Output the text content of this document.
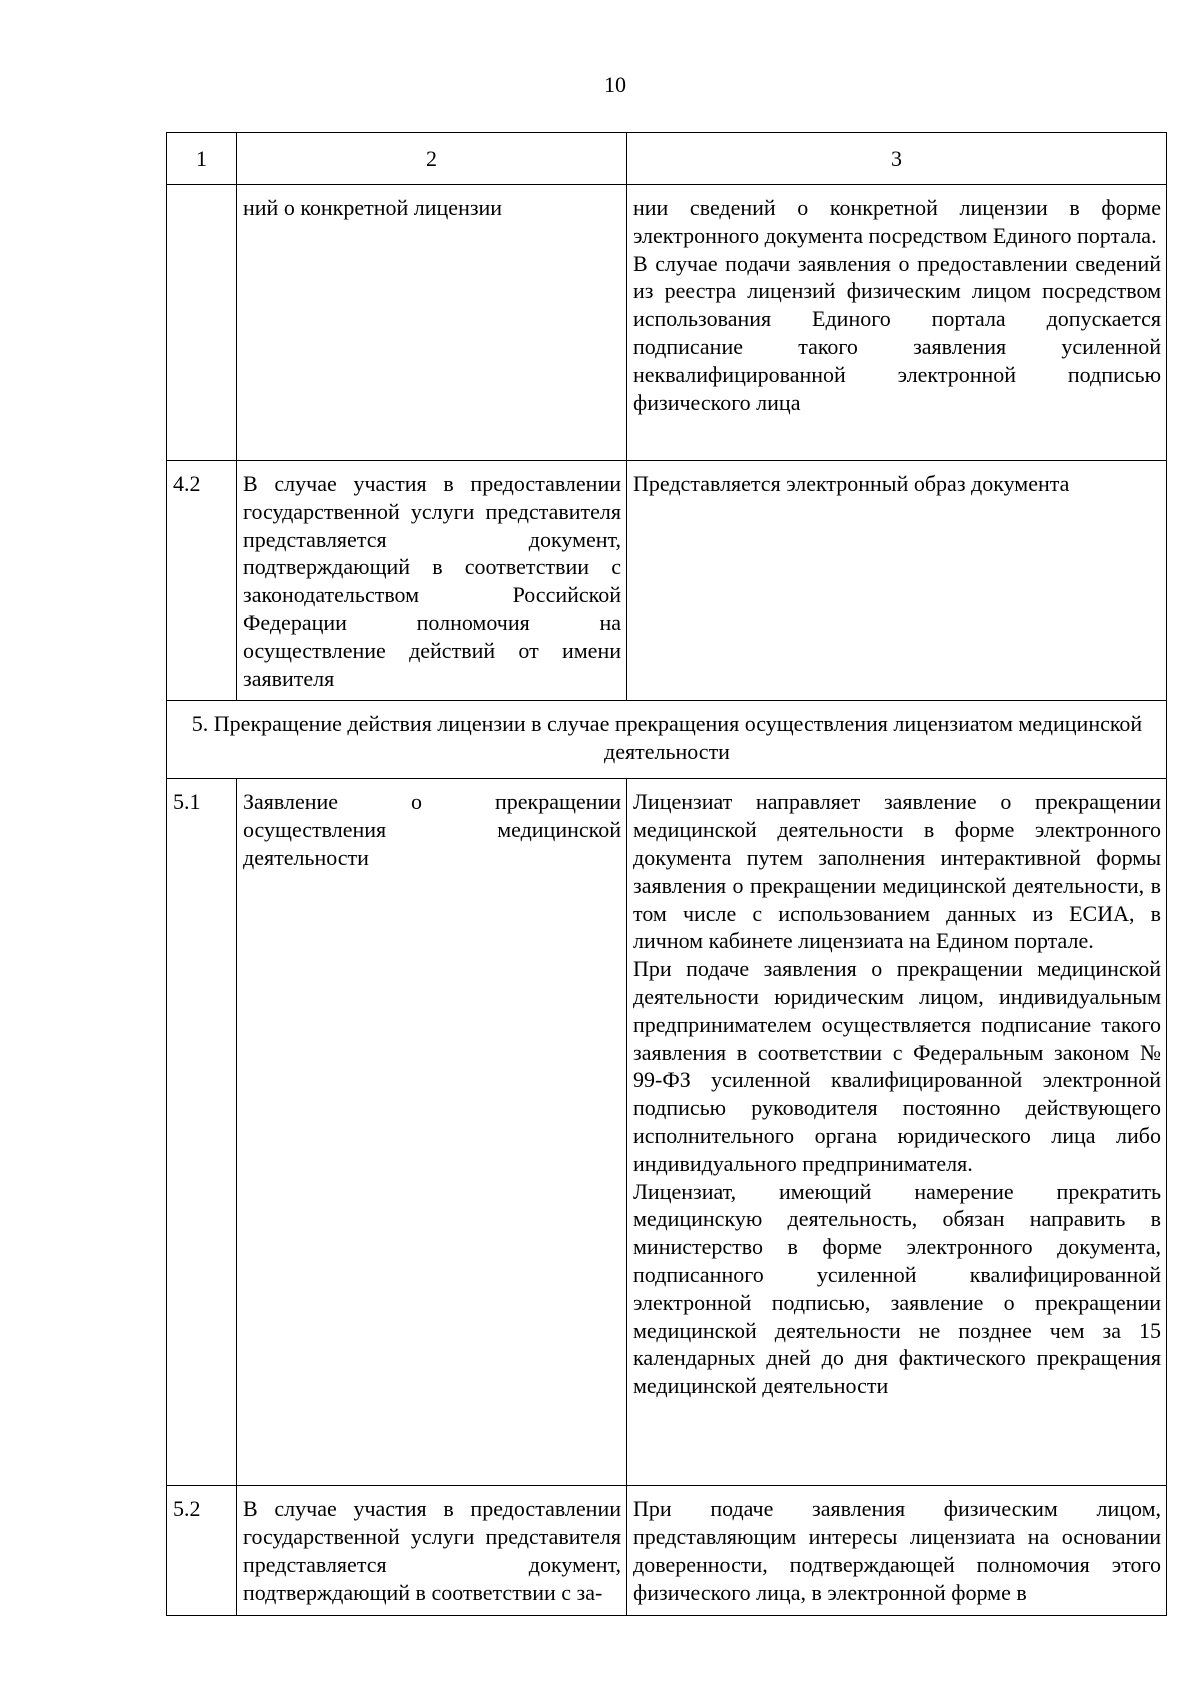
10
1	2	3
	ний о конкретной лицензии	нии сведений о конкретной лицензии в форме электронного документа посредством Единого портала.
В случае подачи заявления о предоставлении сведений из реестра лицензий физическим лицом посредством использования Единого портала допускается подписание такого заявления усиленной неквалифицированной электронной подписью физического лица

4.2	В случае участия в предоставлении государственной услуги представителя представляется документ, подтверждающий в соответствии с законодательством Российской Федерации полномочия на осуществление действий от имени заявителя	Представляется электронный образ документа

5. Прекращение действия лицензии в случае прекращения осуществления лицензиатом медицинской деятельности		
5.1	Заявление о прекращении осуществления медицинской деятельности	Лицензиат направляет заявление о прекращении медицинской деятельности в форме электронного документа путем заполнения интерактивной формы заявления о прекращении медицинской деятельности, в том числе с использованием данных из ЕСИА, в личном кабинете лицензиата на Едином портале.
При подаче заявления о прекращении медицинской деятельности юридическим лицом, индивидуальным предпринимателем осуществляется подписание такого заявления в соответствии с Федеральным законом № 99-ФЗ усиленной квалифицированной электронной подписью руководителя постоянно действующего исполнительного органа юридического лица либо индивидуального предпринимателя.
Лицензиат, имеющий намерение прекратить медицинскую деятельность, обязан направить в министерство в форме электронного документа, подписанного усиленной квалифицированной электронной подписью, заявление о прекращении медицинской деятельности не позднее чем за 15 календарных дней до дня фактического прекращения медицинской деятельности

5.2	В случае участия в предоставлении государственной услуги представителя представляется документ, подтверждающий в соответствии с за-	При подаче заявления физическим лицом, представляющим интересы лицензиата на основании доверенности, подтверждающей полномочия этого физического лица, в электронной форме в
